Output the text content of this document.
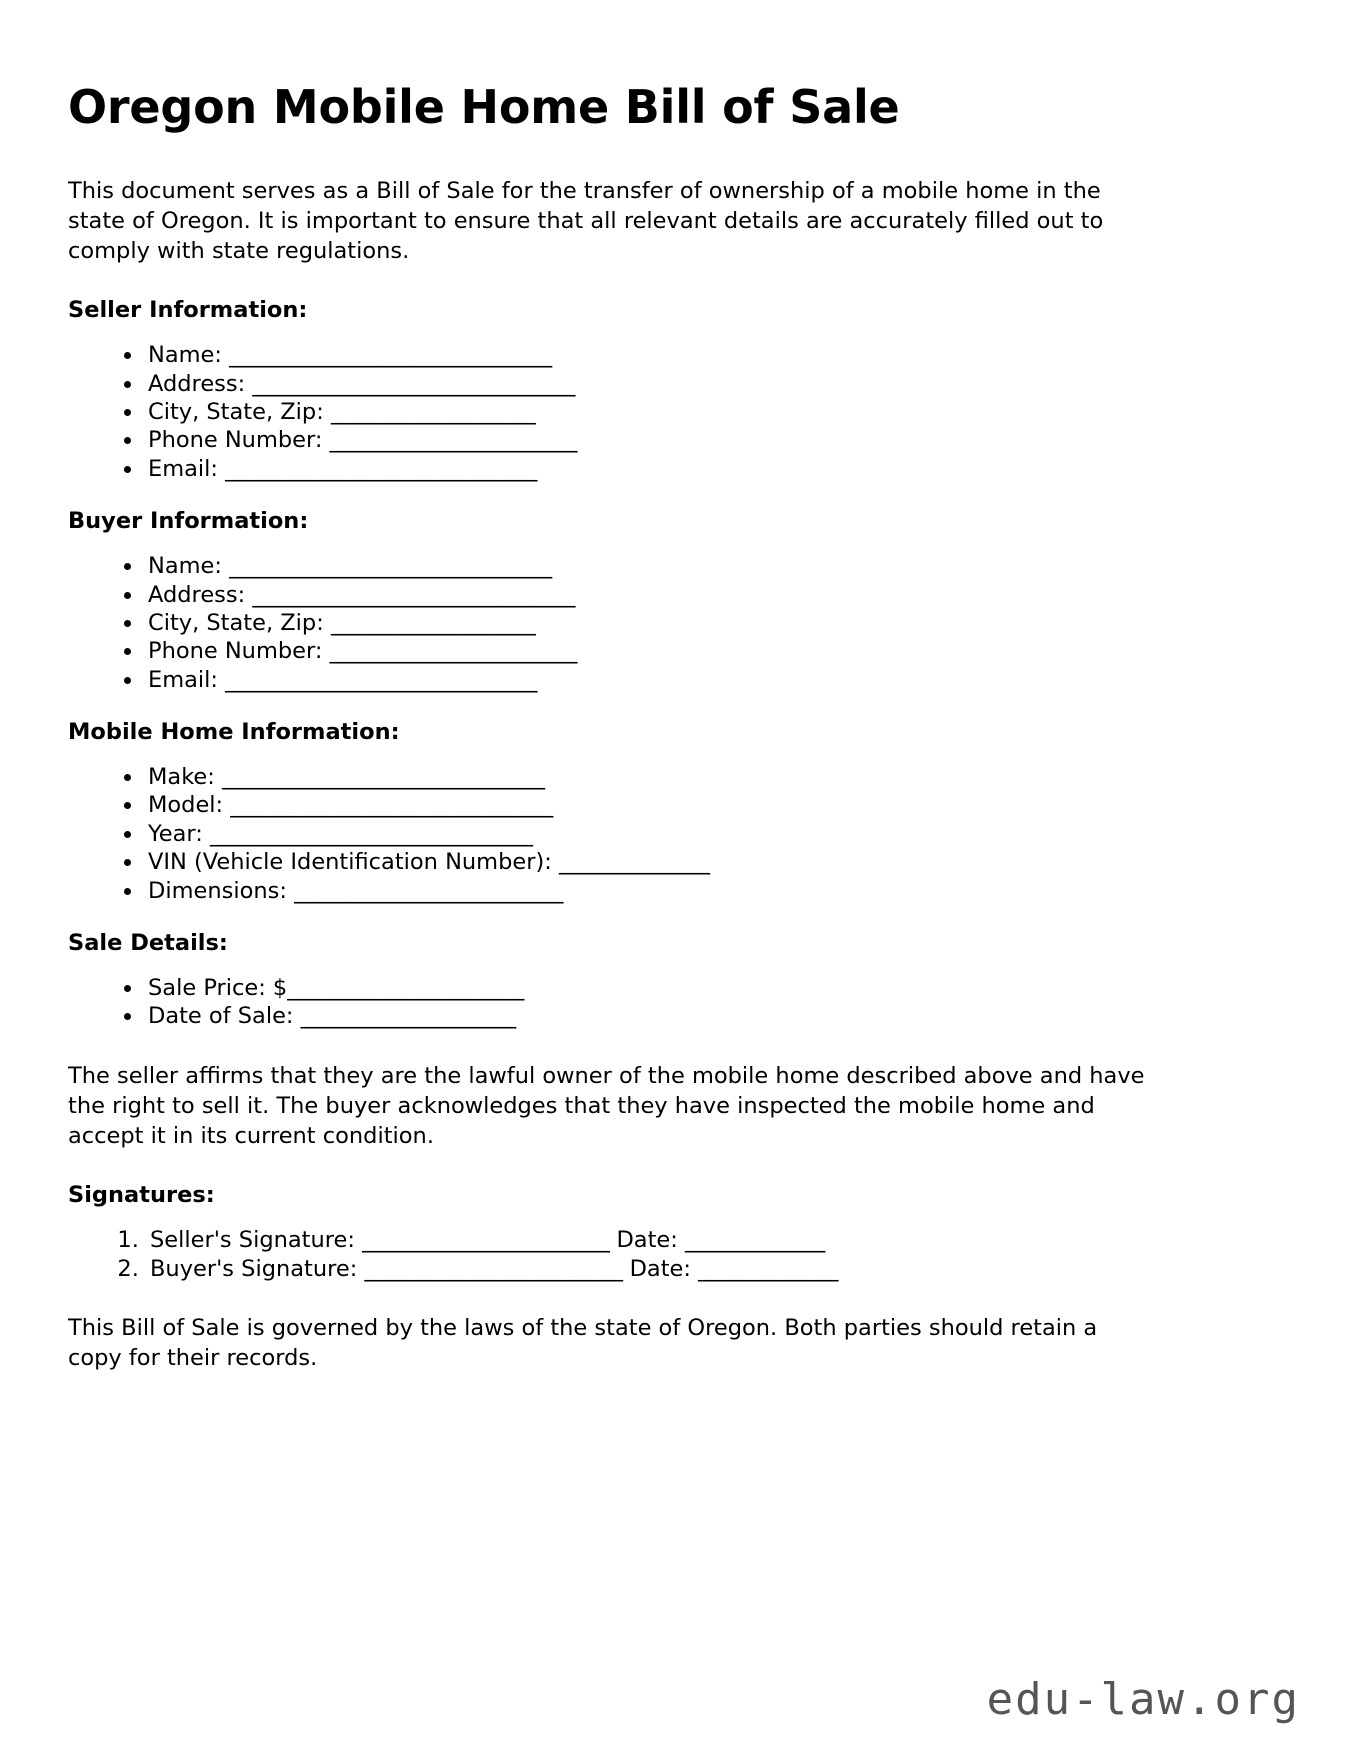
Oregon Mobile Home Bill of Sale

This document serves as a Bill of Sale for the transfer of ownership of a mobile home in the state of Oregon. It is important to ensure that all relevant details are accurately filled out to comply with state regulations.

Seller Information:
• Name: ______________________________
• Address: ______________________________
• City, State, Zip: ___________________
• Phone Number: _______________________
• Email: _____________________________
Buyer Information:
• Name: ______________________________
• Address: ______________________________
• City, State, Zip: ___________________
• Phone Number: _______________________
• Email: _____________________________
Mobile Home Information:
• Make: ______________________________
• Model: ______________________________
• Year: ______________________________
• VIN (Vehicle Identification Number): ______________
• Dimensions: _________________________
Sale Details:
• Sale Price: $______________________
• Date of Sale: ____________________

The seller affirms that they are the lawful owner of the mobile home described above and have the right to sell it. The buyer acknowledges that they have inspected the mobile home and accept it in its current condition.

Signatures:
1. Seller's Signature: _______________________ Date: _____________
2. Buyer's Signature: ________________________ Date: _____________

This Bill of Sale is governed by the laws of the state of Oregon. Both parties should retain a copy for their records.

edu-law.org
